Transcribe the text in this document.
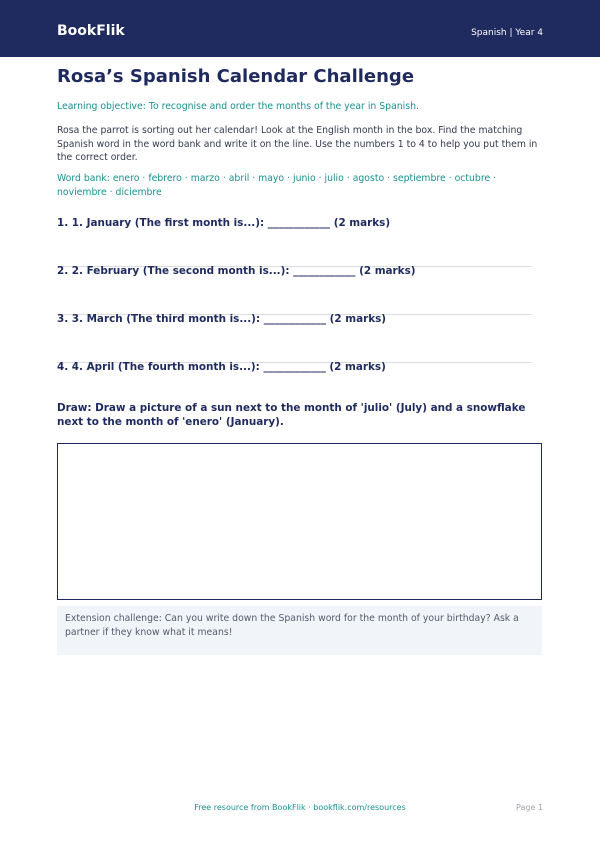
BookFlik	Spanish | Year 4
Rosa’s Spanish Calendar Challenge
Learning objective: To recognise and order the months of the year in Spanish.
Rosa the parrot is sorting out her calendar! Look at the English month in the box. Find the matching Spanish word in the word bank and write it on the line. Use the numbers 1 to 4 to help you put them in the correct order.
Word bank: enero · febrero · marzo · abril · mayo · junio · julio · agosto · septiembre · octubre · noviembre · diciembre
1. 1. January (The first month is...): ____________ (2 marks)
2. 2. February (The second month is...): ____________ (2 marks)
3. 3. March (The third month is...): ____________ (2 marks)
4. 4. April (The fourth month is...): ____________ (2 marks)
Draw: Draw a picture of a sun next to the month of 'julio' (July) and a snowflake next to the month of 'enero' (January).
Extension challenge: Can you write down the Spanish word for the month of your birthday? Ask a partner if they know what it means!
Free resource from BookFlik · bookflik.com/resources	Page 1
